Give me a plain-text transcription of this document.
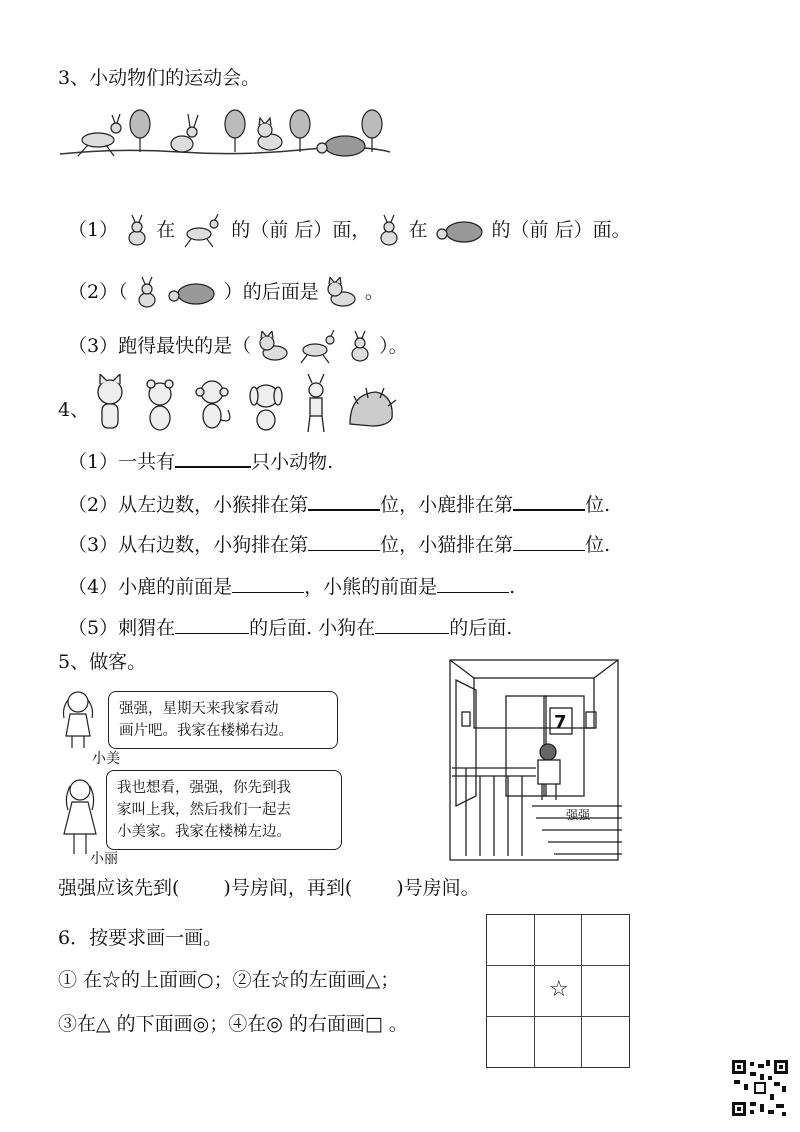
3、小动物们的运动会。
（1） 在	的（前 后）面， 在	的（前 后）面。
（2）（	）的后面是 。
（3）跑得最快的是（	）。
4、
（1）一共有	只小动物.
（2）从左边数，小猴排在第	位，小鹿排在第	位.
（3）从右边数，小狗排在第	位，小猫排在第	位.
（4）小鹿的前面是	，小熊的前面是	.
（5）刺猬在	的后面. 小狗在	的后面.
5、做客。
小美
强强，星期天来我家看动
画片吧。我家在楼梯右边。
小丽
我也想看，强强，你先到我
家叫上我，然后我们一起去
小美家。我家在楼梯左边。
7
强强
强强应该先到( )号房间，再到( )号房间。
6．按要求画一画。
① 在☆的上面画○；②在☆的左面画△；
③在△ 的下面画◎；④在◎ 的右面画□ 。
☆
